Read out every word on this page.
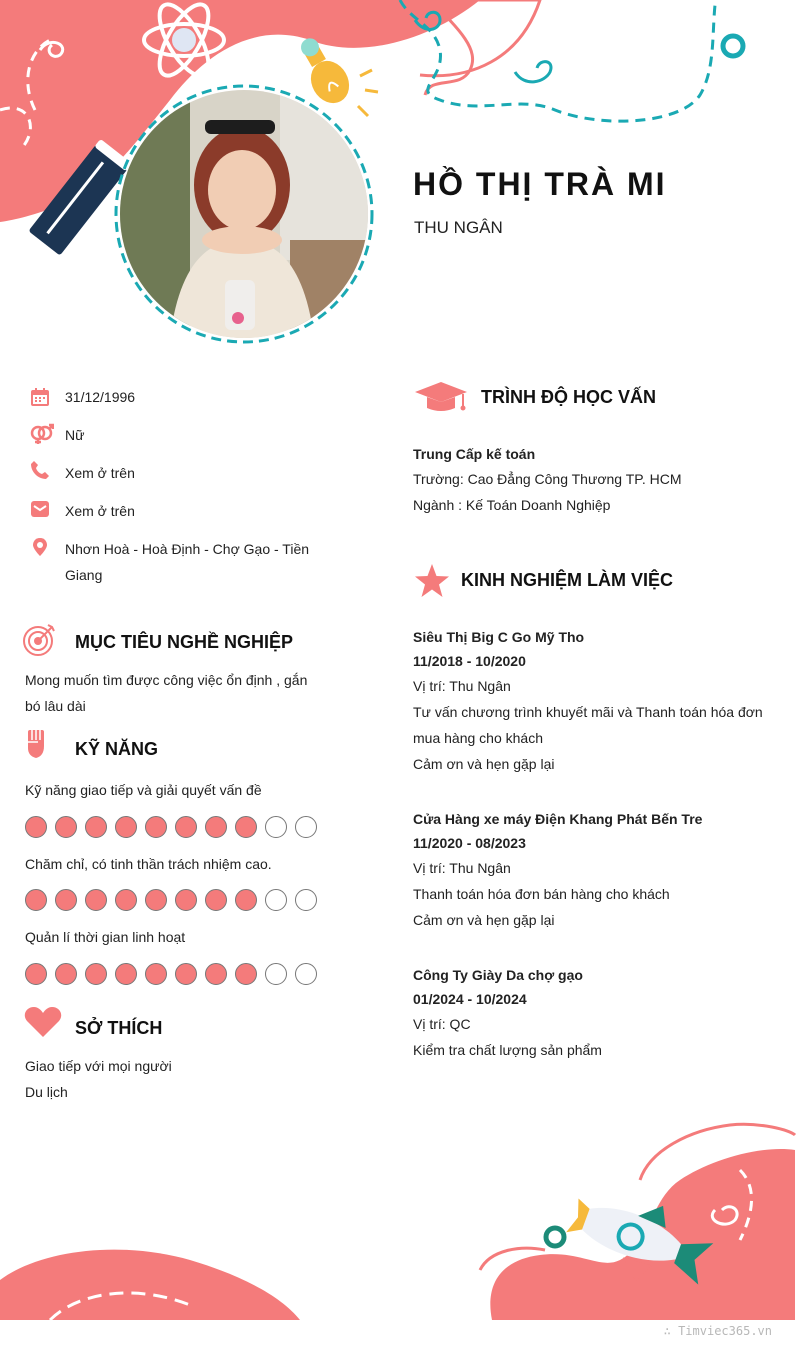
HỒ THỊ TRÀ MI
THU NGÂN
31/12/1996
Nữ
Xem ở trên
Xem ở trên
Nhơn Hoà - Hoà Định - Chợ Gạo - Tiền Giang
MỤC TIÊU NGHỀ NGHIỆP
Mong muốn tìm được công việc ổn định , gắn bó lâu dài
KỸ NĂNG
Kỹ năng giao tiếp và giải quyết vấn đề
Chăm chỉ, có tinh thần trách nhiệm cao.
Quản lí thời gian linh hoạt
SỞ THÍCH
Giao tiếp với mọi người
Du lịch
TRÌNH ĐỘ HỌC VẤN
Trung Cấp kế toán
Trường: Cao Đẳng Công Thương TP. HCM
Ngành : Kế Toán Doanh Nghiệp
KINH NGHIỆM LÀM VIỆC
Siêu Thị Big C Go Mỹ Tho
11/2018 - 10/2020
Vị trí: Thu Ngân
Tư vấn chương trình khuyết mãi và Thanh toán hóa đơn mua hàng cho khách
Cảm ơn và hẹn gặp lại
Cửa Hàng xe máy Điện Khang Phát Bến Tre
11/2020 - 08/2023
Vị trí: Thu Ngân
Thanh toán hóa đơn bán hàng cho khách
Cảm ơn và hẹn gặp lại
Công Ty Giày Da chợ gạo
01/2024 - 10/2024
Vị trí: QC
Kiểm tra chất lượng sản phẩm
∴ Timviec365.vn
